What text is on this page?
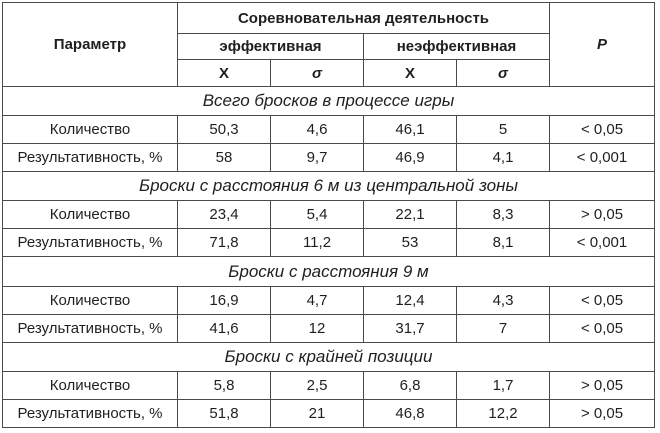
Параметр	Соревновательная деятельность				P
	эффективная		неэффективная		
	X	σ	X	σ	
Всего бросков в процессе игры					
Количество	50,3	4,6	46,1	5	< 0,05
Результативность, %	58	9,7	46,9	4,1	< 0,001
Броски с расстояния 6 м из центральной зоны					
Количество	23,4	5,4	22,1	8,3	> 0,05
Результативность, %	71,8	11,2	53	8,1	< 0,001
Броски с расстояния 9 м					
Количество	16,9	4,7	12,4	4,3	< 0,05
Результативность, %	41,6	12	31,7	7	< 0,05
Броски с крайней позиции					
Количество	5,8	2,5	6,8	1,7	> 0,05
Результативность, %	51,8	21	46,8	12,2	> 0,05
